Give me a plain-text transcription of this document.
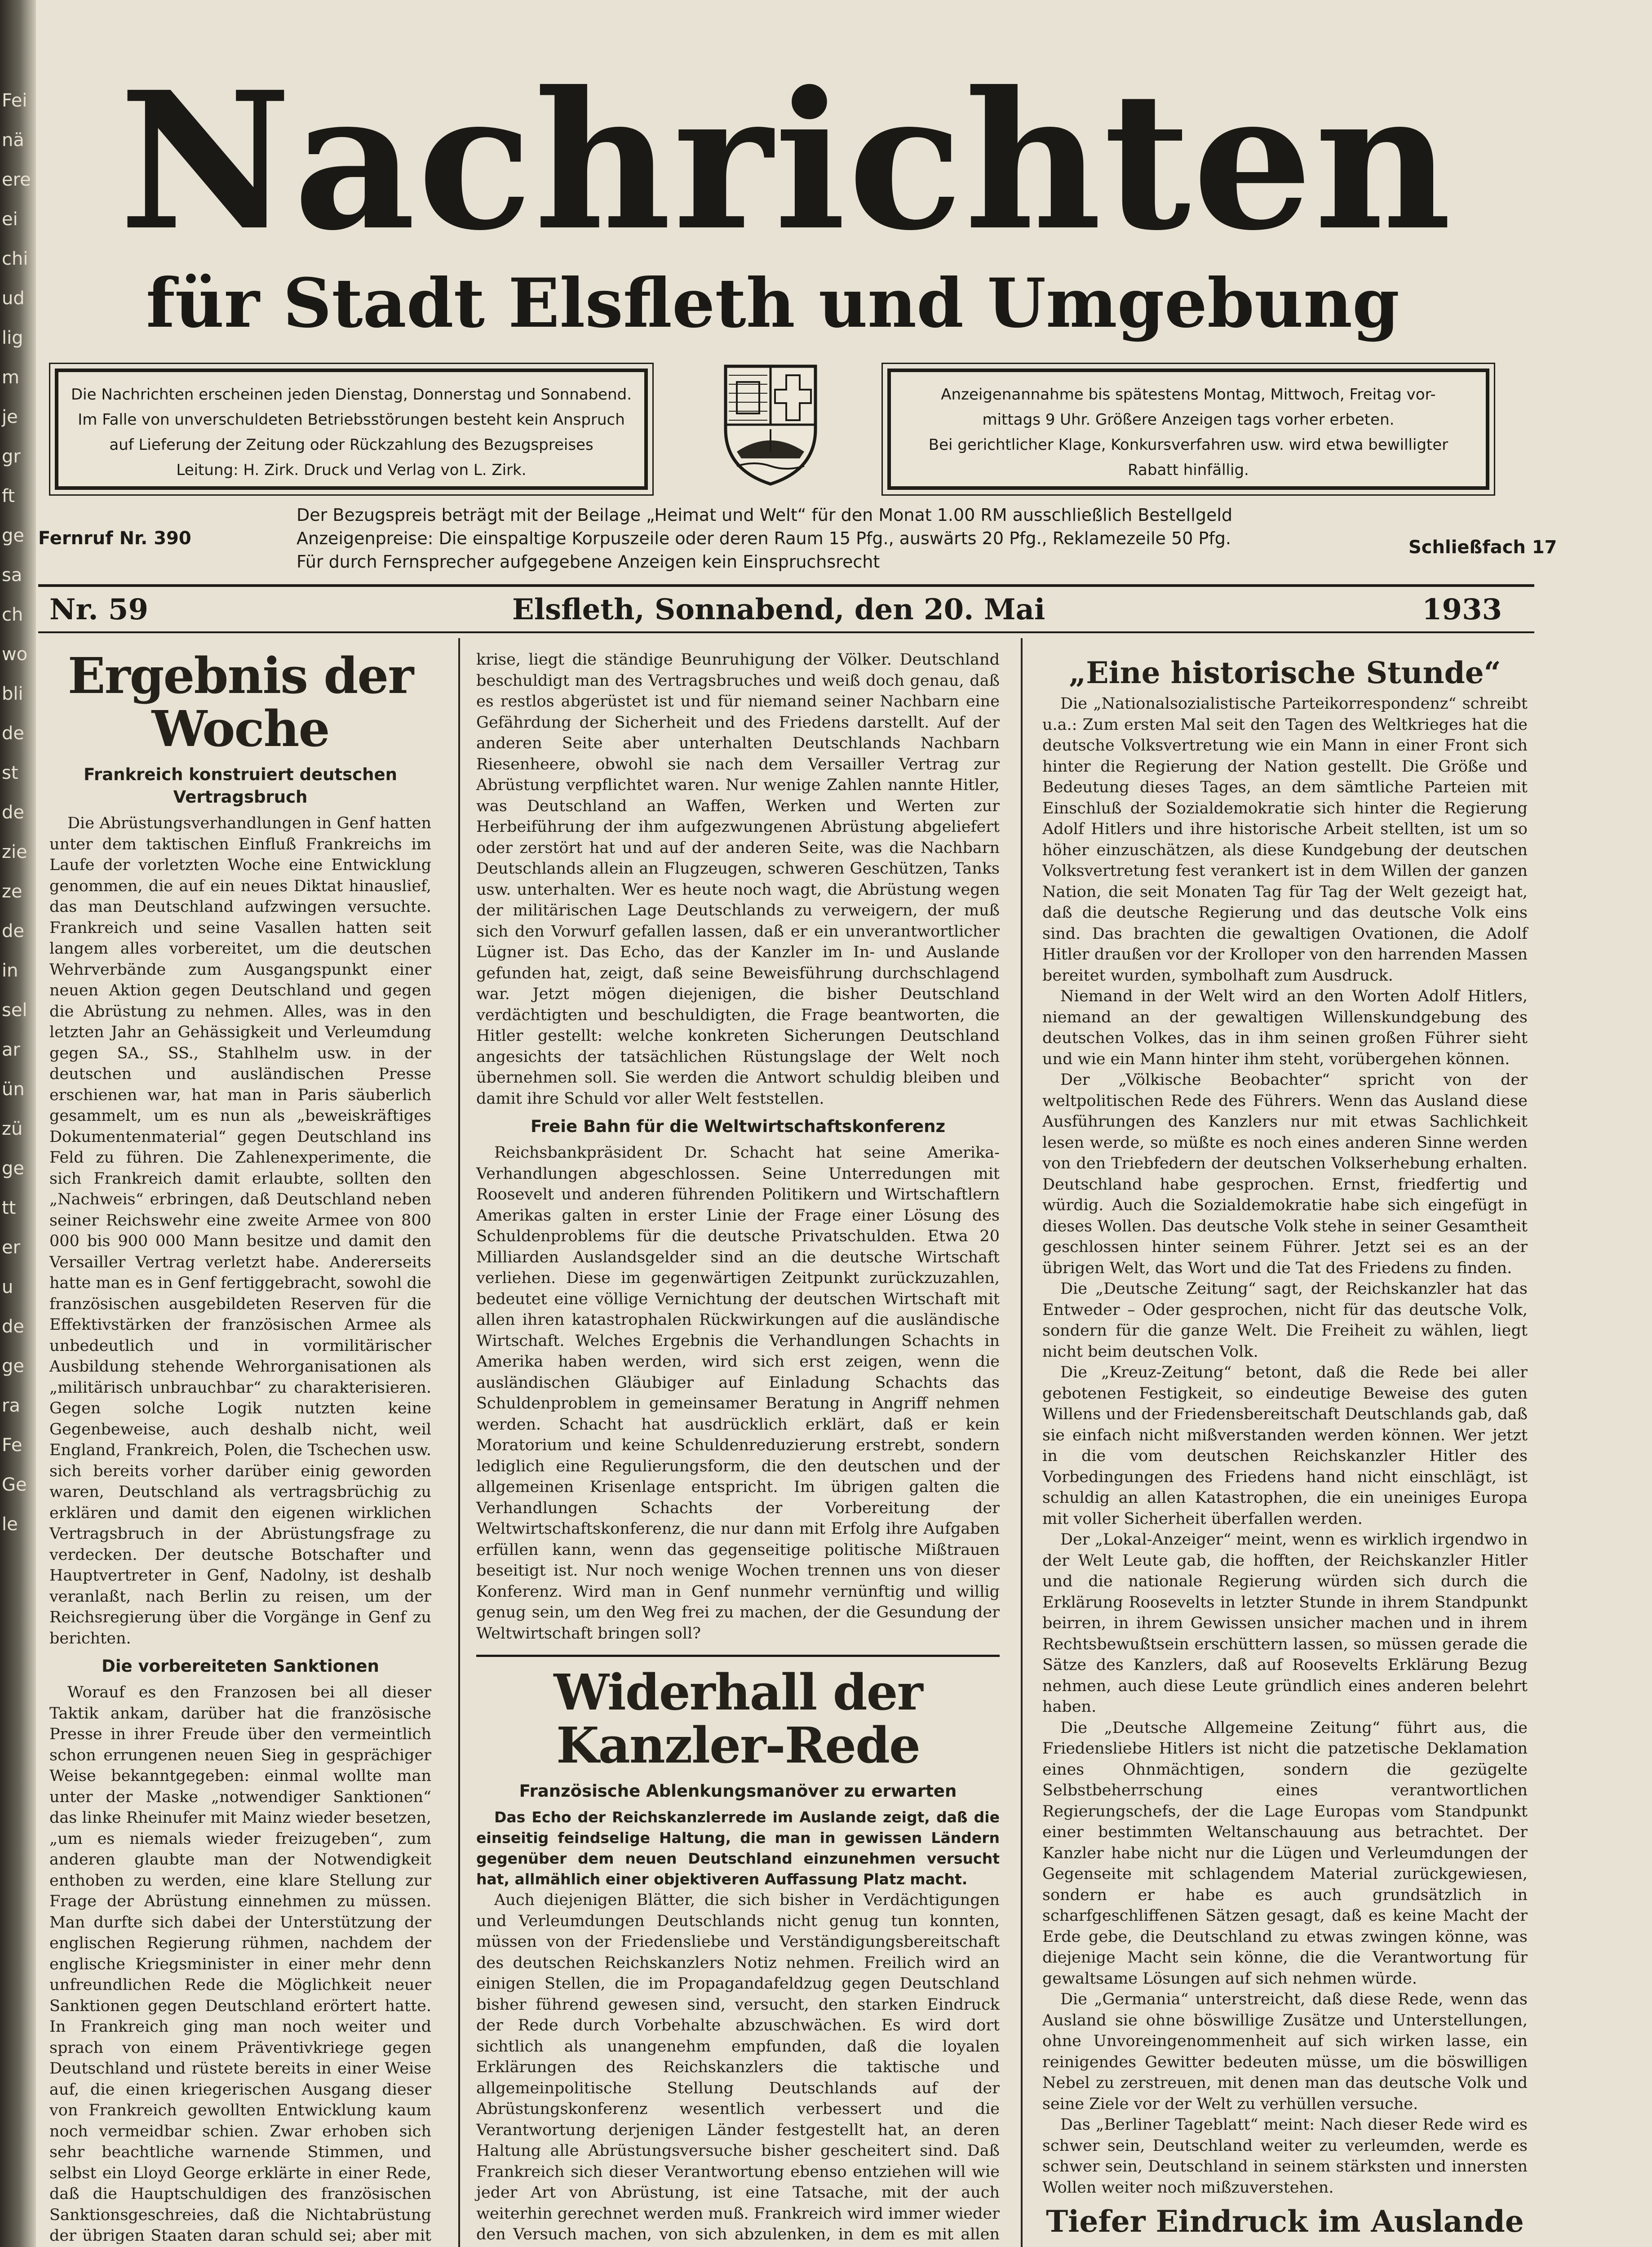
Fei
nä
ere
ei
chi
ud
lig
m
je
gr
ft
ge
sa
ch
wo
bli
de
st
de
zie
ze
de
in
sel
ar
ün
zü
ge
tt
er
u
de
ge
ra
Fe
Ge
le
Nachrichten
für Stadt Elsfleth und Umgebung
Die Nachrichten erscheinen jeden Dienstag, Donnerstag und Sonnabend.
Im Falle von unverschuldeten Betriebsstörungen besteht kein Anspruch
auf Lieferung der Zeitung oder Rückzahlung des Bezugspreises
Leitung: H. Zirk. Druck und Verlag von L. Zirk.
Anzeigenannahme bis spätestens Montag, Mittwoch, Freitag vor-
mittags 9 Uhr. Größere Anzeigen tags vorher erbeten.
Bei gerichtlicher Klage, Konkursverfahren usw. wird etwa bewilligter
Rabatt hinfällig.
Fernruf Nr. 390
Der Bezugspreis beträgt mit der Beilage „Heimat und Welt“ für den Monat 1.00 RM ausschließlich Bestellgeld
Anzeigenpreise: Die einspaltige Korpuszeile oder deren Raum 15 Pfg., auswärts 20 Pfg., Reklamezeile 50 Pfg.
Für durch Fernsprecher aufgegebene Anzeigen kein Einspruchsrecht
Schließfach 17
Nr. 59	Elsfleth, Sonnabend, den 20. Mai	1933
Ergebnis der Woche
Frankreich konstruiert deutschen Vertragsbruch

Die Abrüstungsverhandlungen in Genf hatten unter dem taktischen Einfluß Frankreichs im Laufe der vorletzten Woche eine Entwicklung genommen, die auf ein neues Diktat hinauslief, das man Deutschland aufzwingen versuchte. Frankreich und seine Vasallen hatten seit langem alles vorbereitet, um die deutschen Wehrverbände zum Ausgangspunkt einer neuen Aktion gegen Deutschland und gegen die Abrüstung zu nehmen. Alles, was in den letzten Jahr an Gehässigkeit und Verleumdung gegen SA., SS., Stahlhelm usw. in der deutschen und ausländischen Presse erschienen war, hat man in Paris säuberlich gesammelt, um es nun als „beweiskräftiges Dokumentenmaterial“ gegen Deutschland ins Feld zu führen. Die Zahlenexperimente, die sich Frankreich damit erlaubte, sollten den „Nachweis“ erbringen, daß Deutschland neben seiner Reichswehr eine zweite Armee von 800 000 bis 900 000 Mann besitze und damit den Versailler Vertrag verletzt habe. Andererseits hatte man es in Genf fertiggebracht, sowohl die französischen ausgebildeten Reserven für die Effektivstärken der französischen Armee als unbedeutlich und in vormilitärischer Ausbildung stehende Wehrorganisationen als „militärisch unbrauchbar“ zu charakterisieren. Gegen solche Logik nutzten keine Gegenbeweise, auch deshalb nicht, weil England, Frankreich, Polen, die Tschechen usw. sich bereits vorher darüber einig geworden waren, Deutschland als vertragsbrüchig zu erklären und damit den eigenen wirklichen Vertragsbruch in der Abrüstungsfrage zu verdecken. Der deutsche Botschafter und Hauptvertreter in Genf, Nadolny, ist deshalb veranlaßt, nach Berlin zu reisen, um der Reichsregierung über die Vorgänge in Genf zu berichten.

Die vorbereiteten Sanktionen

Worauf es den Franzosen bei all dieser Taktik ankam, darüber hat die französische Presse in ihrer Freude über den vermeintlich schon errungenen neuen Sieg in gesprächiger Weise bekanntgegeben: einmal wollte man unter der Maske „notwendiger Sanktionen“ das linke Rheinufer mit Mainz wieder besetzen, „um es niemals wieder freizugeben“, zum anderen glaubte man der Notwendigkeit enthoben zu werden, eine klare Stellung zur Frage der Abrüstung einnehmen zu müssen. Man durfte sich dabei der Unterstützung der englischen Regierung rühmen, nachdem der englische Kriegsminister in einer mehr denn unfreundlichen Rede die Möglichkeit neuer Sanktionen gegen Deutschland erörtert hatte. In Frankreich ging man noch weiter und sprach von einem Präventivkriege gegen Deutschland und rüstete bereits in einer Weise auf, die einen kriegerischen Ausgang dieser von Frankreich gewollten Entwicklung kaum noch vermeidbar schien. Zwar erhoben sich sehr beachtliche warnende Stimmen, und selbst ein Lloyd George erklärte in einer Rede, daß die Hauptschuldigen des französischen Sanktionsgeschreies, daß die Nichtabrüstung der übrigen Staaten daran schuld sei; aber mit

krise, liegt die ständige Beunruhigung der Völker. Deutschland beschuldigt man des Vertragsbruches und weiß doch genau, daß es restlos abgerüstet ist und für niemand seiner Nachbarn eine Gefährdung der Sicherheit und des Friedens darstellt. Auf der anderen Seite aber unterhalten Deutschlands Nachbarn Riesenheere, obwohl sie nach dem Versailler Vertrag zur Abrüstung verpflichtet waren. Nur wenige Zahlen nannte Hitler, was Deutschland an Waffen, Werken und Werten zur Herbeiführung der ihm aufgezwungenen Abrüstung abgeliefert oder zerstört hat und auf der anderen Seite, was die Nachbarn Deutschlands allein an Flugzeugen, schweren Geschützen, Tanks usw. unterhalten. Wer es heute noch wagt, die Abrüstung wegen der militärischen Lage Deutschlands zu verweigern, der muß sich den Vorwurf gefallen lassen, daß er ein unverantwortlicher Lügner ist. Das Echo, das der Kanzler im In- und Auslande gefunden hat, zeigt, daß seine Beweisführung durchschlagend war. Jetzt mögen diejenigen, die bisher Deutschland verdächtigten und beschuldigten, die Frage beantworten, die Hitler gestellt: welche konkreten Sicherungen Deutschland angesichts der tatsächlichen Rüstungslage der Welt noch übernehmen soll. Sie werden die Antwort schuldig bleiben und damit ihre Schuld vor aller Welt feststellen.

Freie Bahn für die Weltwirtschaftskonferenz

Reichsbankpräsident Dr. Schacht hat seine Amerika-Verhandlungen abgeschlossen. Seine Unterredungen mit Roosevelt und anderen führenden Politikern und Wirtschaftlern Amerikas galten in erster Linie der Frage einer Lösung des Schuldenproblems für die deutsche Privatschulden. Etwa 20 Milliarden Auslandsgelder sind an die deutsche Wirtschaft verliehen. Diese im gegenwärtigen Zeitpunkt zurückzuzahlen, bedeutet eine völlige Vernichtung der deutschen Wirtschaft mit allen ihren katastrophalen Rückwirkungen auf die ausländische Wirtschaft. Welches Ergebnis die Verhandlungen Schachts in Amerika haben werden, wird sich erst zeigen, wenn die ausländischen Gläubiger auf Einladung Schachts das Schuldenproblem in gemeinsamer Beratung in Angriff nehmen werden. Schacht hat ausdrücklich erklärt, daß er kein Moratorium und keine Schuldenreduzierung erstrebt, sondern lediglich eine Regulierungsform, die den deutschen und der allgemeinen Krisenlage entspricht. Im übrigen galten die Verhandlungen Schachts der Vorbereitung der Weltwirtschaftskonferenz, die nur dann mit Erfolg ihre Aufgaben erfüllen kann, wenn das gegenseitige politische Mißtrauen beseitigt ist. Nur noch wenige Wochen trennen uns von dieser Konferenz. Wird man in Genf nunmehr vernünftig und willig genug sein, um den Weg frei zu machen, der die Gesundung der Weltwirtschaft bringen soll?

Widerhall der Kanzler-Rede
Französische Ablenkungsmanöver zu erwarten

Das Echo der Reichskanzlerrede im Auslande zeigt, daß die einseitig feindselige Haltung, die man in gewissen Ländern gegenüber dem neuen Deutschland einzunehmen versucht hat, allmählich einer objektiveren Auffassung Platz macht.

Auch diejenigen Blätter, die sich bisher in Verdächtigungen und Verleumdungen Deutschlands nicht genug tun konnten, müssen von der Friedensliebe und Verständigungsbereitschaft des deutschen Reichskanzlers Notiz nehmen. Freilich wird an einigen Stellen, die im Propagandafeldzug gegen Deutschland bisher führend gewesen sind, versucht, den starken Eindruck der Rede durch Vorbehalte abzuschwächen. Es wird dort sichtlich als unangenehm empfunden, daß die loyalen Erklärungen des Reichskanzlers die taktische und allgemeinpolitische Stellung Deutschlands auf der Abrüstungskonferenz wesentlich verbessert und die Verantwortung derjenigen Länder festgestellt hat, an deren Haltung alle Abrüstungsversuche bisher gescheitert sind. Daß Frankreich sich dieser Verantwortung ebenso entziehen will wie jeder Art von Abrüstung, ist eine Tatsache, mit der auch weiterhin gerechnet werden muß. Frankreich wird immer wieder den Versuch machen, von sich abzulenken, in dem es mit allen

„Eine historische Stunde“

Die „Nationalsozialistische Parteikorrespondenz“ schreibt u.a.: Zum ersten Mal seit den Tagen des Weltkrieges hat die deutsche Volksvertretung wie ein Mann in einer Front sich hinter die Regierung der Nation gestellt. Die Größe und Bedeutung dieses Tages, an dem sämtliche Parteien mit Einschluß der Sozialdemokratie sich hinter die Regierung Adolf Hitlers und ihre historische Arbeit stellten, ist um so höher einzuschätzen, als diese Kundgebung der deutschen Volksvertretung fest verankert ist in dem Willen der ganzen Nation, die seit Monaten Tag für Tag der Welt gezeigt hat, daß die deutsche Regierung und das deutsche Volk eins sind. Das brachten die gewaltigen Ovationen, die Adolf Hitler draußen vor der Krolloper von den harrenden Massen bereitet wurden, symbolhaft zum Ausdruck.

Niemand in der Welt wird an den Worten Adolf Hitlers, niemand an der gewaltigen Willenskundgebung des deutschen Volkes, das in ihm seinen großen Führer sieht und wie ein Mann hinter ihm steht, vorübergehen können.

Der „Völkische Beobachter“ spricht von der weltpolitischen Rede des Führers. Wenn das Ausland diese Ausführungen des Kanzlers nur mit etwas Sachlichkeit lesen werde, so müßte es noch eines anderen Sinne werden von den Triebfedern der deutschen Volkserhebung erhalten. Deutschland habe gesprochen. Ernst, friedfertig und würdig. Auch die Sozialdemokratie habe sich eingefügt in dieses Wollen. Das deutsche Volk stehe in seiner Gesamtheit geschlossen hinter seinem Führer. Jetzt sei es an der übrigen Welt, das Wort und die Tat des Friedens zu finden.

Die „Deutsche Zeitung“ sagt, der Reichskanzler hat das Entweder – Oder gesprochen, nicht für das deutsche Volk, sondern für die ganze Welt. Die Freiheit zu wählen, liegt nicht beim deutschen Volk.

Die „Kreuz-Zeitung“ betont, daß die Rede bei aller gebotenen Festigkeit, so eindeutige Beweise des guten Willens und der Friedensbereitschaft Deutschlands gab, daß sie einfach nicht mißverstanden werden können. Wer jetzt in die vom deutschen Reichskanzler Hitler des Vorbedingungen des Friedens hand nicht einschlägt, ist schuldig an allen Katastrophen, die ein uneiniges Europa mit voller Sicherheit überfallen werden.

Der „Lokal-Anzeiger“ meint, wenn es wirklich irgendwo in der Welt Leute gab, die hofften, der Reichskanzler Hitler und die nationale Regierung würden sich durch die Erklärung Roosevelts in letzter Stunde in ihrem Standpunkt beirren, in ihrem Gewissen unsicher machen und in ihrem Rechtsbewußtsein erschüttern lassen, so müssen gerade die Sätze des Kanzlers, daß auf Roosevelts Erklärung Bezug nehmen, auch diese Leute gründlich eines anderen belehrt haben.

Die „Deutsche Allgemeine Zeitung“ führt aus, die Friedensliebe Hitlers ist nicht die patzetische Deklamation eines Ohnmächtigen, sondern die gezügelte Selbstbeherrschung eines verantwortlichen Regierungschefs, der die Lage Europas vom Standpunkt einer bestimmten Weltanschauung aus betrachtet. Der Kanzler habe nicht nur die Lügen und Verleumdungen der Gegenseite mit schlagendem Material zurückgewiesen, sondern er habe es auch grundsätzlich in scharfgeschliffenen Sätzen gesagt, daß es keine Macht der Erde gebe, die Deutschland zu etwas zwingen könne, was diejenige Macht sein könne, die die Verantwortung für gewaltsame Lösungen auf sich nehmen würde.

Die „Germania“ unterstreicht, daß diese Rede, wenn das Ausland sie ohne böswillige Zusätze und Unterstellungen, ohne Unvoreingenommenheit auf sich wirken lasse, ein reinigendes Gewitter bedeuten müsse, um die böswilligen Nebel zu zerstreuen, mit denen man das deutsche Volk und seine Ziele vor der Welt zu verhüllen versuche.

Das „Berliner Tageblatt“ meint: Nach dieser Rede wird es schwer sein, Deutschland weiter zu verleumden, werde es schwer sein, Deutschland in seinem stärksten und innersten Wollen weiter noch mißzuverstehen.

Tiefer Eindruck im Auslande
